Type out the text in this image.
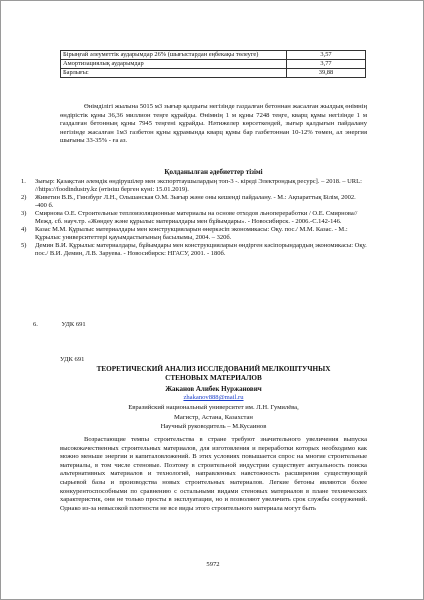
Бірыңғай әлеуметтік аударымдар 26% (шығыстардан еңбекақы төлеуге)	3,57
Амортизациялық аударымдар	3,77
Барлығы:	39,88

Өнімділігі жылына 5015 м3 зығыр қалдығы негізінде газдалған бетоннан жасалған жылдық өнімнің өндірістік құны 36,36 миллион теңге құрайды. Өнімнің 1 м құны 7248 теңге, кварц құмы негізінде 1 м газдалған бетонның құны 7945 теңгені құрайды. Нәтижелер көрсеткендей, зығыр қалдығын пайдалану негізінде жасалған 1м3 газбетон құны құрамында кварц құмы бар газбетоннан 10-12% төмен, ал энергия шығыны 33-35% - ға аз.

Қолданылған әдебиеттер тізімі
1. Зығыр: Қазақстан әлемдік өндірушілер мен экспорттаушылардың топ-3 -. кіреді Электрондық ресурс]. – 2018. – URL: //https://foodindustry.kz (өтініш берген күні: 15.01.2019).
2) Живетин В.В., Гинзбург Л.Н., Ольшанская О.М. Зығыр және оны кешенді пайдалану. - М.: Ақпараттық Білім, 2002. -400 б.
3) Смирнова О.Е. Строительные теплоизоляционные материалы на основе отходов льнопереработки / О.Е. Смирнова// Межд. сб. науч.тр. «Жөндеу және құрылыс материалдары мен бұйымдары». - Новосибирск. - 2006.-С.142-146.
4) Казас М.М. Құрылыс материалдары мен конструкцияларын өнеркәсіп экономикасы: Оқу. пос./ М.М. Казас. - М.: Құрылыс университеттері қауымдастығының басылымы, 2004. – 320б.
5) Демин В.И. Құрылыс материалдары, бұйымдары мен конструкцияларын өндірген кәсіпорындардың экономикасы: Оқу. пос./ В.И. Демин, Л.В. Заруева. - Новосибирск: НГАСУ, 2001. - 180б.
6.	УДК 691
УДК 691
ТЕОРЕТИЧЕСКИЙ АНАЛИЗ ИССЛЕДОВАНИЙ МЕЛКОШТУЧНЫХ
СТЕНОВЫХ МАТЕРИАЛОВ
Жаканов Алибек Нуржанович
zhakanov888@mail.ru
Евразийский национальный университет им. Л.Н. Гумилёва,
Магистр, Астана, Казахстан
Научный руководитель – М.Кусаинов

Возрастающие темпы строительства в стране требуют значительного увеличения выпуска высококачественных строительных материалов, для изготовления и переработки которых необходимо как можно меньше энергии и капиталовложений. В этих условиях повышается спрос на многие строительные материалы, в том числе стеновые. Поэтому в строительной индустрии существует актуальность поиска альтернативных материалов и технологий, направленных навстожность расширения существующей сырьевой базы и производства новых строительных материалов. Легкие бетоны являются более конкурентоспособными по сравнению с остальными видами стеновых материалов в плане технических характеристик, они не только просты в эксплуатации, но и позволяют увеличить срок службы сооружений. Однако из-за невысокой плотности не все виды этого строительного материала могут быть

5972
